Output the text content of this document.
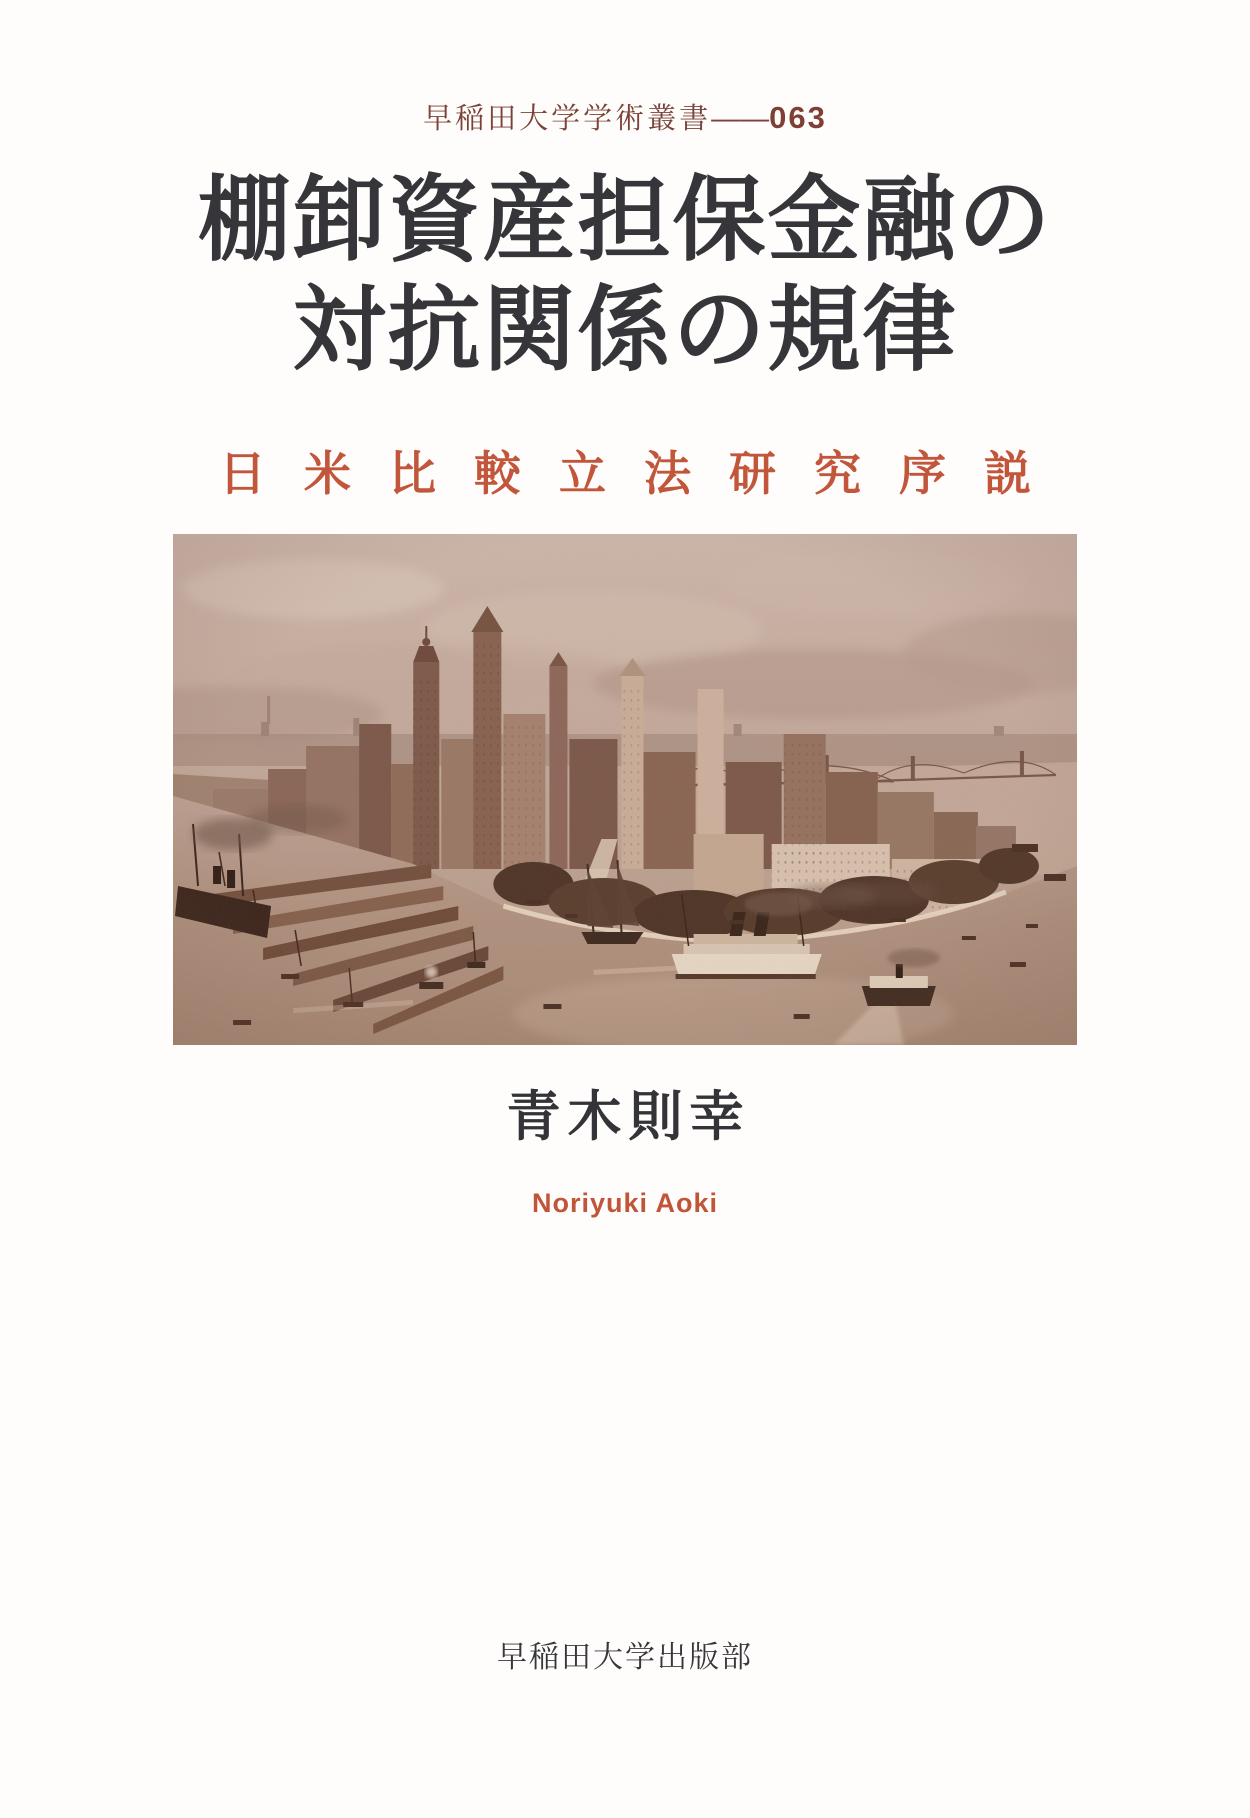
早稲田大学学術叢書——063
棚卸資産担保金融の
対抗関係の規律
日米比較立法研究序説
青木則幸
Noriyuki Aoki
早稲田大学出版部
